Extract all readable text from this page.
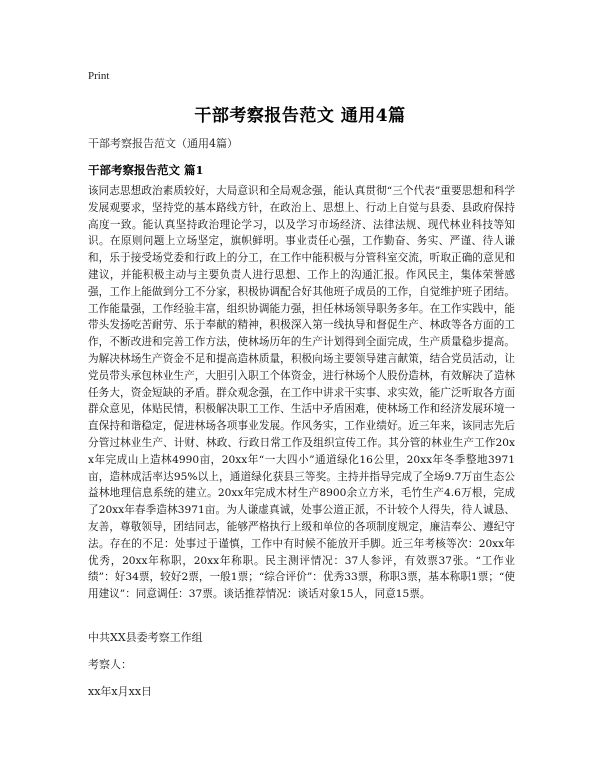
Print
干部考察报告范文 通用4篇
干部考察报告范文（通用4篇）
干部考察报告范文 篇1
该同志思想政治素质较好，大局意识和全局观念强，能认真贯彻“三个代表”重要思想和科学发展观要求，坚持党的基本路线方针，在政治上、思想上、行动上自觉与县委、县政府保持高度一致。能认真坚持政治理论学习，以及学习市场经济、法律法规、现代林业科技等知识。在原则问题上立场坚定，旗帜鲜明。事业责任心强，工作勤奋、务实、严谨、待人谦和，乐于接受场党委和行政上的分工，在工作中能积极与分管科室交流，听取正确的意见和建议，并能积极主动与主要负责人进行思想、工作上的沟通汇报。作风民主，集体荣誉感强，工作上能做到分工不分家，积极协调配合好其他班子成员的工作，自觉维护班子团结。工作能量强，工作经验丰富，组织协调能力强，担任林场领导职务多年。在工作实践中，能带头发扬吃苦耐劳、乐于奉献的精神，积极深入第一线执导和督促生产、林政等各方面的工作，不断改进和完善工作方法，使林场历年的生产计划得到全面完成，生产质量稳步提高。为解决林场生产资金不足和提高造林质量，积极向场主要领导建言献策，结合党员活动，让党员带头承包林业生产，大胆引入职工个体资金，进行林场个人股份造林，有效解决了造林任务大，资金短缺的矛盾。群众观念强，在工作中讲求干实事、求实效，能广泛听取各方面群众意见，体贴民情，积极解决职工工作、生活中矛盾困难，使林场工作和经济发展环境一直保持和谐稳定，促进林场各项事业发展。作风务实，工作业绩好。近三年来，该同志先后分管过林业生产、计财、林政、行政日常工作及组织宣传工作。其分管的林业生产工作20xx年完成山上造林4990亩，20xx年“一大四小”通道绿化16公里，20xx年冬季整地3971亩，造林成活率达95%以上，通道绿化获县三等奖。主持并指导完成了全场9.7万亩生态公益林地理信息系统的建立。20xx年完成木材生产8900余立方米，毛竹生产4.6万根，完成了20xx年春季造林3971亩。为人谦虚真诚，处事公道正派，不计较个人得失，待人诚恳、友善，尊敬领导，团结同志，能够严格执行上级和单位的各项制度规定，廉洁奉公、遵纪守法。存在的不足：处事过于谨慎，工作中有时候不能放开手脚。近三年考核等次：20xx年优秀，20xx年称职，20xx年称职。民主测评情况：37人参评，有效票37张。“工作业绩”：好34票，较好2票，一般1票；“综合评价”：优秀33票，称职3票，基本称职1票；“使用建议”：同意调任：37票。谈话推荐情况：谈话对象15人，同意15票。
中共XX县委考察工作组
考察人：
xx年x月xx日
